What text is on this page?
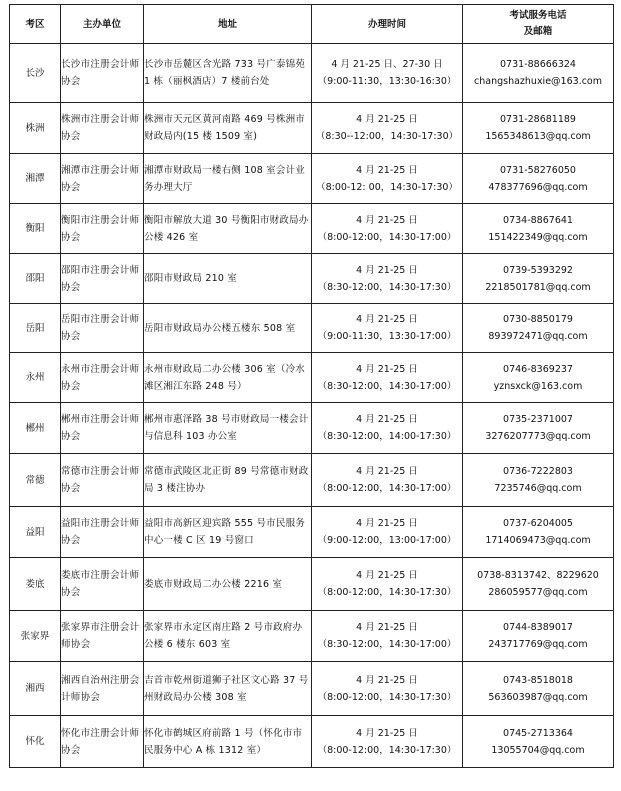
考区	主办单位	地址	办理时间	考试服务电话
及邮箱

长沙	长沙市注册会计师协会	长沙市岳麓区含光路 733 号广泰锦苑 1 栋（丽枫酒店）7 楼前台处	4 月 21-25 日、27-30 日
（9:00-11:30，13:30-16:30）	0731-88666324
changshazhuxie@163.com

株洲	株洲市注册会计师协会	株洲市天元区黄河南路 469 号株洲市财政局内(15 楼 1509 室)	4 月 21-25 日
（8:30--12:00，14:30-17:30）	0731-28681189
1565348613@qq.com

湘潭	湘潭市注册会计师协会	湘潭市财政局一楼右侧 108 室会计业务办理大厅	4 月 21-25 日
（8:00-12: 00，14:30-17:30）	0731-58276050
478377696@qq.com

衡阳	衡阳市注册会计师协会	衡阳市解放大道 30 号衡阳市财政局办公楼 426 室	4 月 21-25 日
（8:00-12:00，14:30-17:00）	0734-8867641
151422349@qq.com

邵阳	邵阳市注册会计师协会	邵阳市财政局 210 室	4 月 21-25 日
（8:30-12:00，14:30-17:30）	0739-5393292
2218501781@qq.com

岳阳	岳阳市注册会计师协会	岳阳市财政局办公楼五楼东 508 室	4 月 21-25 日
（9:00-11:30，13:30-17:00）	0730-8850179
893972471@qq.com

永州	永州市注册会计师协会	永州市财政局二办公楼 306 室（冷水滩区湘江东路 248 号）	4 月 21-25 日
（8:30-12:00，14:30-17:00）	0746-8369237
yznsxck@163.com

郴州	郴州市注册会计师协会	郴州市惠泽路 38 号市财政局一楼会计与信息科 103 办公室	4 月 21-25 日
（8:30-12:00，14:00-17:30）	0735-2371007
3276207773@qq.com

常德	常德市注册会计师协会	常德市武陵区北正街 89 号常德市财政局 3 楼注协办	4 月 21-25 日
（8:00-12:00，14:30-17:00）	0736-7222803
7235746@qq.com

益阳	益阳市注册会计师协会	益阳市高新区迎宾路 555 号市民服务中心一楼 C 区 19 号窗口	4 月 21-25 日
（9:00-12:00，13:00-17:00）	0737-6204005
1714069473@qq.com

娄底	娄底市注册会计师协会	娄底市财政局二办公楼 2216 室	4 月 21-25 日
（8:00-12:00，14:30-17:30）	0738-8313742、8229620
286059577@qq.com

张家界	张家界市注册会计师协会	张家界市永定区南庄路 2 号市政府办公楼 6 楼东 603 室	4 月 21-25 日
（8:30-12:00，14:30-17:00）	0744-8389017
243717769@qq.com

湘西	湘西自治州注册会计师协会	吉首市乾州街道狮子社区文心路 37 号州财政局办公楼 308 室	4 月 21-25 日
（8:00-12:00，14:30-17:30）	0743-8518018
563603987@qq.com

怀化	怀化市注册会计师协会	怀化市鹤城区府前路 1 号（怀化市市民服务中心 A 栋 1312 室）	4 月 21-25 日
（8:00-12:00，14:30-17:30）	0745-2713364
13055704@qq.com
